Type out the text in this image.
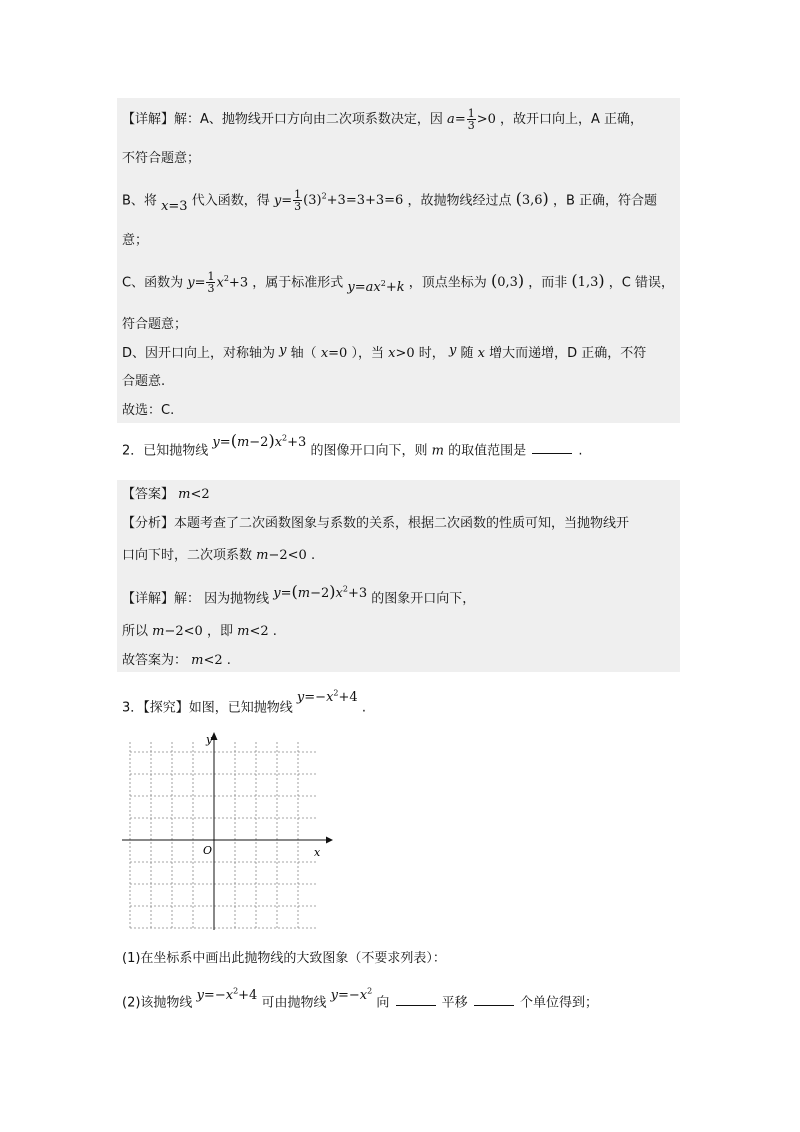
【详解】解：A、抛物线开口方向由二次项系数决定，因 $a= \frac{1}{3} >0$ ，故开口向上，A 正确，
不符合题意；
B、将 x=3 代入函数，得 $y= \frac{1}{3} (3)^2+3=3+3=6$ ，故抛物线经过点 (3,6) ，B 正确，符合题
意；
C、函数为 $y= \frac{1}{3} x^2+3$ ，属于标准形式 $y=ax^2+k$ ，顶点坐标为 (0,3) ，而非 (1,3) ，C 错误，
符合题意；
D、因开口向上，对称轴为 y 轴（ x=0 ），当 x>0 时， y 随 x 增大而递增，D 正确，不符
合题意.
故选：C.
2．已知抛物线 $y=(m-2)x^2+3$ 的图像开口向下，则 m 的取值范围是	.
【答案】 m<2
【分析】本题考查了二次函数图象与系数的关系，根据二次函数的性质可知，当抛物线开
口向下时，二次项系数 m−2<0 .
【详解】解： 因为抛物线 $y=(m-2)x^2+3$ 的图象开口向下，
所以 m−2<0 ，即 m<2 .
故答案为： m<2 .
3．【探究】如图，已知抛物线 $y=-x^2+4$ .
x
y
O
(1)在坐标系中画出此抛物线的大致图象（不要求列表）：
(2)该抛物线 $y=-x^2+4$ 可由抛物线 $y=-x^2$ 向	平移	个单位得到；
